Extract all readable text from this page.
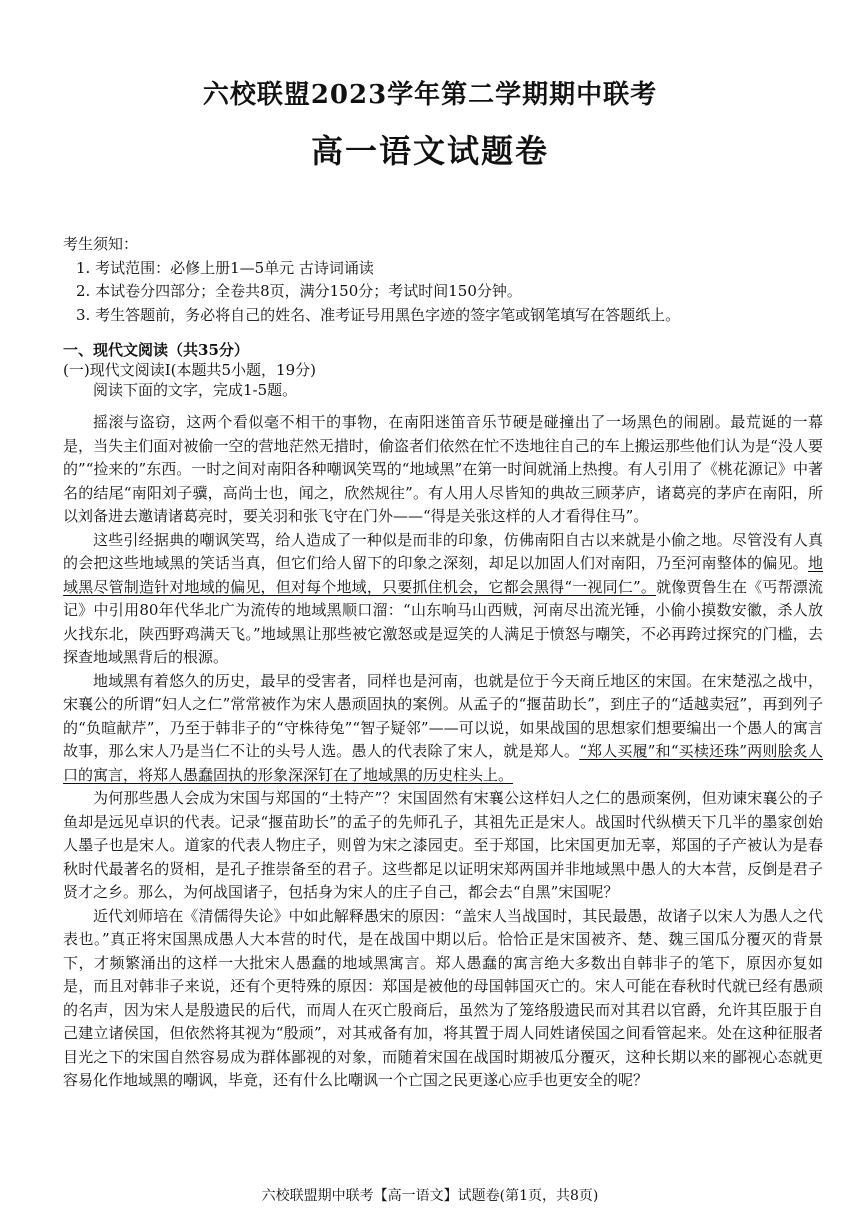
六校联盟2023学年第二学期期中联考
高一语文试题卷
考生须知：
1. 考试范围：必修上册1—5单元 古诗词诵读
2. 本试卷分四部分；全卷共8页，满分150分；考试时间150分钟。
3. 考生答题前，务必将自己的姓名、准考证号用黑色字迹的签字笔或钢笔填写在答题纸上。
一、现代文阅读（共35分）
(一)现代文阅读Ⅰ(本题共5小题，19分)
阅读下面的文字，完成1-5题。

摇滚与盗窃，这两个看似毫不相干的事物，在南阳迷笛音乐节硬是碰撞出了一场黑色的闹剧。最荒诞的一幕是，当失主们面对被偷一空的营地茫然无措时，偷盗者们依然在忙不迭地往自己的车上搬运那些他们认为是“没人要的”“捡来的”东西。一时之间对南阳各种嘲讽笑骂的“地域黑”在第一时间就涌上热搜。有人引用了《桃花源记》中著名的结尾“南阳刘子骥，高尚士也，闻之，欣然规往”。有人用人尽皆知的典故三顾茅庐，诸葛亮的茅庐在南阳，所以刘备进去邀请诸葛亮时，要关羽和张飞守在门外——“得是关张这样的人才看得住马”。

这些引经据典的嘲讽笑骂，给人造成了一种似是而非的印象，仿佛南阳自古以来就是小偷之地。尽管没有人真的会把这些地域黑的笑话当真，但它们给人留下的印象之深刻，却足以加固人们对南阳，乃至河南整体的偏见。地域黑尽管制造针对地域的偏见，但对每个地域，只要抓住机会，它都会黑得“一视同仁”。就像贾鲁生在《丐帮漂流记》中引用80年代华北广为流传的地域黑顺口溜：“山东响马山西贼，河南尽出流光锤，小偷小摸数安徽，杀人放火找东北，陕西野鸡满天飞。”地域黑让那些被它激怒或是逗笑的人满足于愤怒与嘲笑，不必再跨过探究的门槛，去探查地域黑背后的根源。

地域黑有着悠久的历史，最早的受害者，同样也是河南，也就是位于今天商丘地区的宋国。在宋楚泓之战中，宋襄公的所谓“妇人之仁”常常被作为宋人愚顽固执的案例。从孟子的“揠苗助长”，到庄子的“适越卖冠”，再到列子的“负暄献芹”，乃至于韩非子的“守株待兔”“智子疑邻”——可以说，如果战国的思想家们想要编出一个愚人的寓言故事，那么宋人乃是当仁不让的头号人选。愚人的代表除了宋人，就是郑人。“郑人买履”和“买椟还珠”两则脍炙人口的寓言，将郑人愚蠢固执的形象深深钉在了地域黑的历史柱头上。

为何那些愚人会成为宋国与郑国的“土特产”？宋国固然有宋襄公这样妇人之仁的愚顽案例，但劝谏宋襄公的子鱼却是远见卓识的代表。记录“揠苗助长”的孟子的先师孔子，其祖先正是宋人。战国时代纵横天下几半的墨家创始人墨子也是宋人。道家的代表人物庄子，则曾为宋之漆园吏。至于郑国，比宋国更加无辜，郑国的子产被认为是春秋时代最著名的贤相，是孔子推崇备至的君子。这些都足以证明宋郑两国并非地域黑中愚人的大本营，反倒是君子贤才之乡。那么，为何战国诸子，包括身为宋人的庄子自己，都会去“自黑”宋国呢？

近代刘师培在《清儒得失论》中如此解释愚宋的原因：“盖宋人当战国时，其民最愚，故诸子以宋人为愚人之代表也。”真正将宋国黑成愚人大本营的时代，是在战国中期以后。恰恰正是宋国被齐、楚、魏三国瓜分覆灭的背景下，才频繁涌出的这样一大批宋人愚蠢的地域黑寓言。郑人愚蠢的寓言绝大多数出自韩非子的笔下，原因亦复如是，而且对韩非子来说，还有个更特殊的原因：郑国是被他的母国韩国灭亡的。宋人可能在春秋时代就已经有愚顽的名声，因为宋人是殷遗民的后代，而周人在灭亡殷商后，虽然为了笼络殷遗民而对其君以官爵，允许其臣服于自己建立诸侯国，但依然将其视为“殷顽”，对其戒备有加，将其置于周人同姓诸侯国之间看管起来。处在这种征服者目光之下的宋国自然容易成为群体鄙视的对象，而随着宋国在战国时期被瓜分覆灭，这种长期以来的鄙视心态就更容易化作地域黑的嘲讽，毕竟，还有什么比嘲讽一个亡国之民更遂心应手也更安全的呢？

六校联盟期中联考【高一语文】试题卷(第1页，共8页)
